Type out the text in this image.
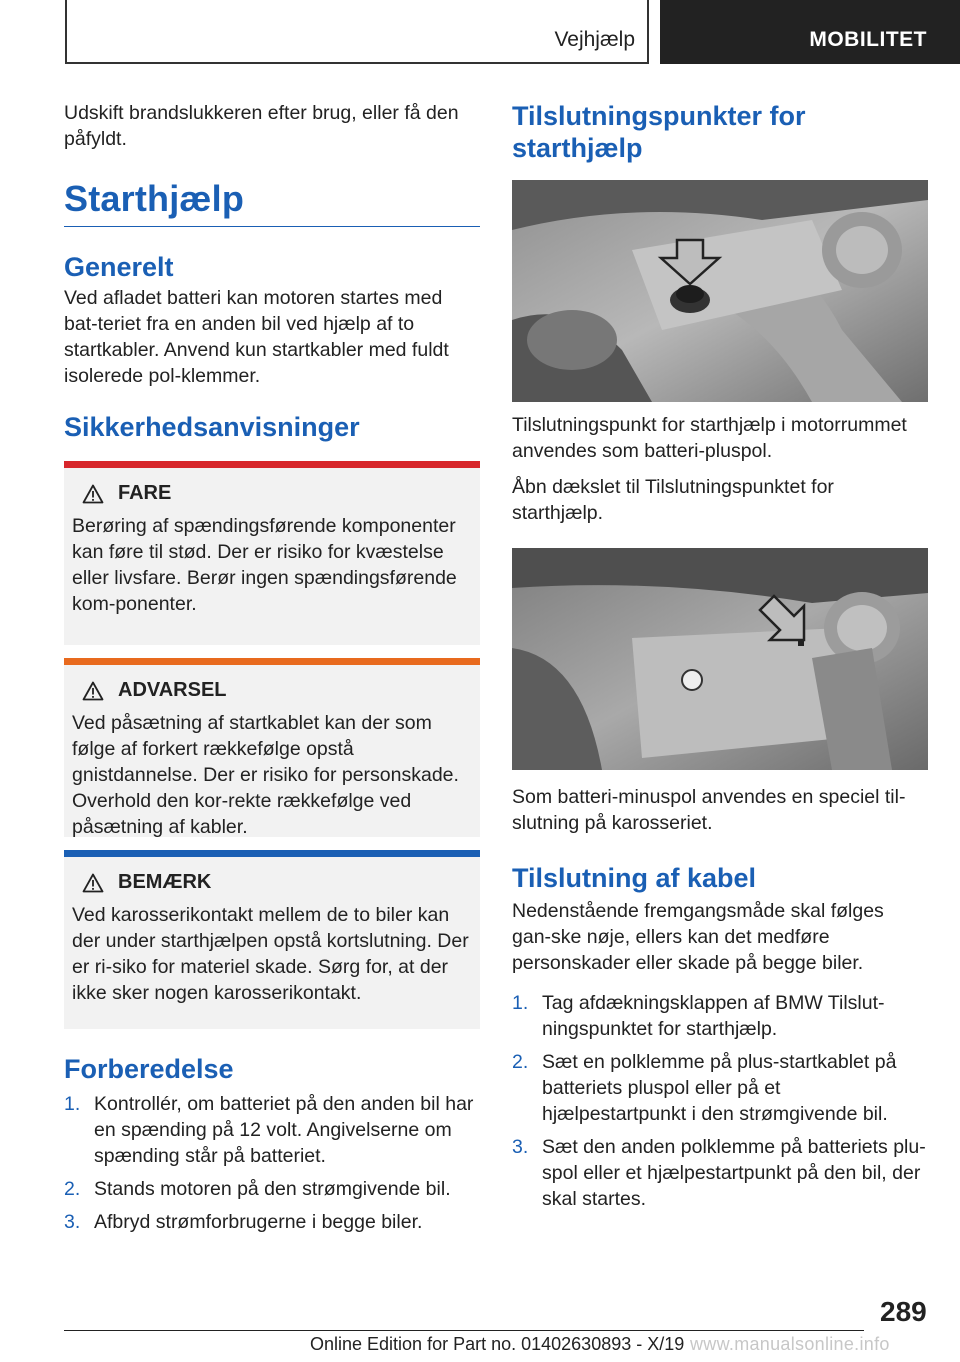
Vejhjælp	MOBILITET

Udskift brandslukkeren efter brug, eller få den påfyldt.

Starthjælp
Generelt

Ved afladet batteri kan motoren startes med bat‐teriet fra en anden bil ved hjælp af to startkabler. Anvend kun startkabler med fuldt isolerede pol‐klemmer.

Sikkerhedsanvisninger
FARE
Berøring af spændingsførende komponenter kan føre til stød. Der er risiko for kvæstelse eller livsfare. Berør ingen spændingsførende kom‐ponenter.
ADVARSEL
Ved påsætning af startkablet kan der som følge af forkert rækkefølge opstå gnistdannelse. Der er risiko for personskade. Overhold den kor‐rekte rækkefølge ved påsætning af kabler.
BEMÆRK
Ved karosserikontakt mellem de to biler kan der under starthjælpen opstå kortslutning. Der er ri‐siko for materiel skade. Sørg for, at der ikke sker nogen karosserikontakt.
Forberedelse
1. Kontrollér, om batteriet på den anden bil har en spænding på 12 volt. Angivelserne om spænding står på batteriet.
2. Stands motoren på den strømgivende bil.
3. Afbryd strømforbrugerne i begge biler.
Tilslutningspunkter for starthjælp

Tilslutningspunkt for starthjælp i motorrummet anvendes som batteri-pluspol.

Åbn dækslet til Tilslutningspunktet for starthjælp.

Som batteri-minuspol anvendes en speciel til‐slutning på karosseriet.

Tilslutning af kabel

Nedenstående fremgangsmåde skal følges gan‐ske nøje, ellers kan det medføre personskader eller skade på begge biler.

1. Tag afdækningsklappen af BMW Tilslut‐ningspunktet for starthjælp.
2. Sæt en polklemme på plus-startkablet på batteriets pluspol eller på et hjælpestartpunkt i den strømgivende bil.
3. Sæt den anden polklemme på batteriets plu‐spol eller et hjælpestartpunkt på den bil, der skal startes.
289
Online Edition for Part no. 01402630893 - X/19 www.manualsonline.info
